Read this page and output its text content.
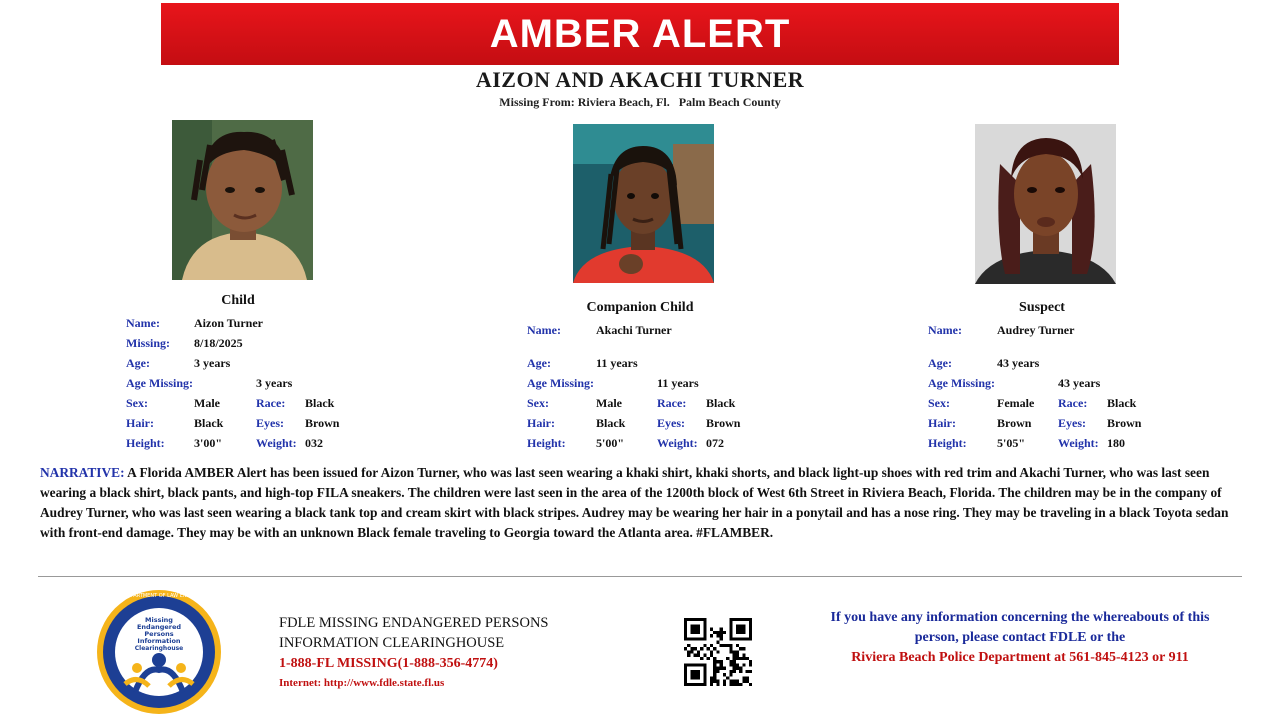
AMBER ALERT
AIZON AND AKACHI TURNER
Missing From: Riviera Beach, Fl.   Palm Beach County
Child	Companion Child	Suspect
Name:	Aizon Turner
Missing: 8/18/2025
Age:	3 years
Age Missing:	3 years
Sex:	Male	Race: Black
Hair:	Black	Eyes: Brown
Height: 3'00"	Weight: 032
Name:	Akachi Turner
Age:	11 years
Age Missing:	11 years
Sex:	Male	Race: Black
Hair:	Black	Eyes: Brown
Height:	5'00"	Weight: 072
Name:	Audrey Turner
Age:	43 years
Age Missing:	43 years
Sex:	Female Race: Black
Hair:	Brown Eyes: Brown
Height:	5'05"	Weight: 180
NARRATIVE: A Florida AMBER Alert has been issued for Aizon Turner, who was last seen wearing a khaki shirt, khaki shorts, and black light-up shoes with red trim and Akachi Turner, who was last seen wearing a black shirt, black pants, and high-top FILA sneakers. The children were last seen in the area of the 1200th block of West 6th Street in Riviera Beach, Florida. The children may be in the company of Audrey Turner, who was last seen wearing a black tank top and cream skirt with black stripes. Audrey may be wearing her hair in a ponytail and has a nose ring. They may be traveling in a black Toyota sedan with front-end damage. They may be with an unknown Black female traveling to Georgia toward the Atlanta area. #FLAMBER.
FLORIDA DEPARTMENT OF LAW ENFORCEMENT
Missing
Endangered
Persons
Information
Clearinghouse
FDLE MISSING ENDANGERED PERSONS
INFORMATION CLEARINGHOUSE
1-888-FL MISSING(1-888-356-4774)
Internet: http://www.fdle.state.fl.us
If you have any information concerning the whereabouts of this
person, please contact FDLE or the
Riviera Beach Police Department at 561-845-4123 or 911
